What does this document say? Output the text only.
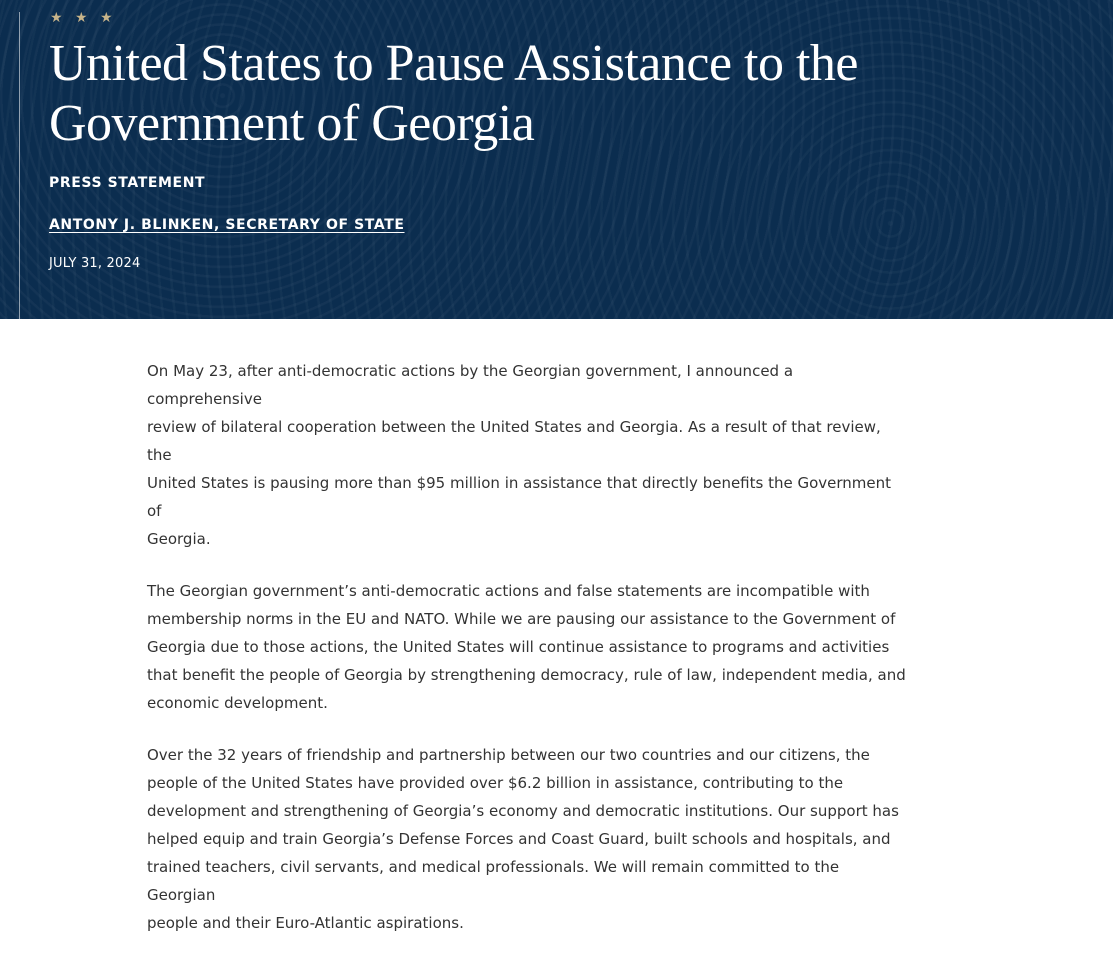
★ ★ ★
United States to Pause Assistance to the Government of Georgia
PRESS STATEMENT
ANTONY J. BLINKEN, SECRETARY OF STATE
JULY 31, 2024

On May 23, after anti-democratic actions by the Georgian government, I announced a comprehensive
review of bilateral cooperation between the United States and Georgia. As a result of that review, the
United States is pausing more than $95 million in assistance that directly benefits the Government of
Georgia.

The Georgian government’s anti-democratic actions and false statements are incompatible with
membership norms in the EU and NATO. While we are pausing our assistance to the Government of
Georgia due to those actions, the United States will continue assistance to programs and activities
that benefit the people of Georgia by strengthening democracy, rule of law, independent media, and
economic development.

Over the 32 years of friendship and partnership between our two countries and our citizens, the
people of the United States have provided over $6.2 billion in assistance, contributing to the
development and strengthening of Georgia’s economy and democratic institutions. Our support has
helped equip and train Georgia’s Defense Forces and Coast Guard, built schools and hospitals, and
trained teachers, civil servants, and medical professionals. We will remain committed to the Georgian
people and their Euro-Atlantic aspirations.
